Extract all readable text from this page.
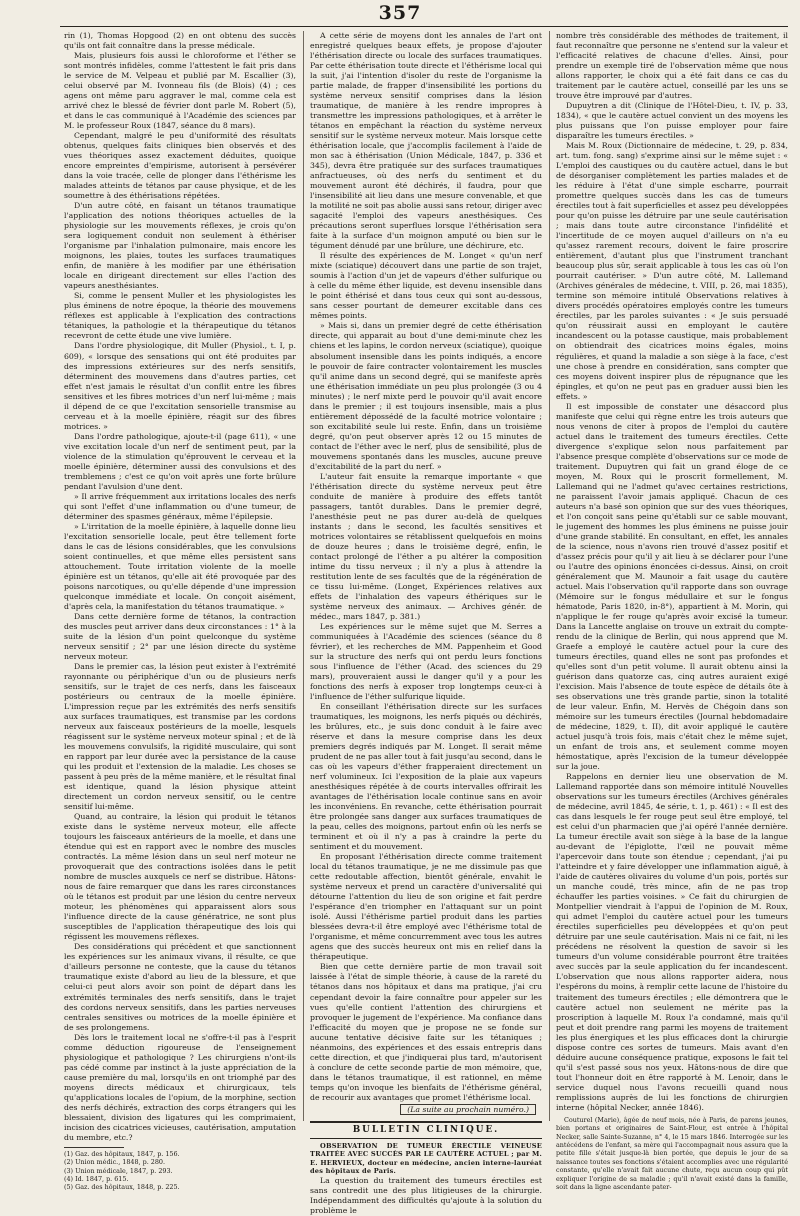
357

rin (1), Thomas Hopgood (2) en ont obtenu des succès qu'ils ont fait connaître dans la presse médicale.

Mais, plusieurs fois aussi le chloroforme et l'éther se sont montrés infidèles, comme l'attestent le fait pris dans le service de M. Velpeau et publié par M. Escallier (3), celui observé par M. Ivonneau fils (de Blois) (4) ; ces agens ont même paru aggraver le mal, comme cela est arrivé chez le blessé de février dont parle M. Robert (5), et dans le cas communiqué à l'Académie des sciences par M. le professeur Roux (1847, séance du 8 mars).

Cependant, malgré le peu d'uniformité des résultats obtenus, quelques faits cliniques bien observés et des vues théoriques assez exactement déduites, quoique encore empreintes d'empirisme, autorisent à persévérer dans la voie tracée, celle de plonger dans l'éthérisme les malades atteints de tétanos par cause physique, et de les soumettre à des éthérisations répétées.

D'un autre côté, en faisant un tétanos traumatique l'application des notions théoriques actuelles de la physiologie sur les mouvements réflexes, je crois qu'on sera logiquement conduit non seulement à éthériser l'organisme par l'inhalation pulmonaire, mais encore les moignons, les plaies, toutes les surfaces traumatiques enfin, de manière à les modifier par une éthérisation locale en dirigeant directement sur elles l'action des vapeurs anesthésiantes.

Si, comme le pensent Muller et les physiologistes les plus éminens de notre époque, la théorie des mouvemens réflexes est applicable à l'explication des contractions tétaniques, la pathologie et la thérapeutique du tétanos recevront de cette étude une vive lumière.

Dans l'ordre physiologique, dit Muller (Physiol., t. I, p. 609), « lorsque des sensations qui ont été produites par des impressions extérieures sur des nerfs sensitifs, déterminent des mouvemens dans d'autres parties, cet effet n'est jamais le résultat d'un conflit entre les fibres sensitives et les fibres motrices d'un nerf lui-même ; mais il dépend de ce que l'excitation sensorielle transmise au cerveau et à la moelle épinière, réagit sur des fibres motrices. »

Dans l'ordre pathologique, ajoute-t-il (page 611), « une vive excitation locale d'un nerf de sentiment peut, par la violence de la stimulation qu'éprouvent le cerveau et la moelle épinière, déterminer aussi des convulsions et des tremblemens ; c'est ce qu'on voit après une forte brûlure pendant l'avulsion d'une dent.

» Il arrive fréquemment aux irritations locales des nerfs qui sont l'effet d'une inflammation ou d'une tumeur, de déterminer des spasmes généraux, même l'épilepsie.

» L'irritation de la moelle épinière, à laquelle donne lieu l'excitation sensorielle locale, peut être tellement forte dans le cas de lésions considérables, que les convulsions soient continuelles, et que même elles persistent sans attouchement. Toute irritation violente de la moelle épinière est un tétanos, qu'elle ait été provoquée par des poisons narcotiques, ou qu'elle dépende d'une impression quelconque immédiate et locale. On conçoit aisément, d'après cela, la manifestation du tétanos traumatique. »

Dans cette dernière forme de tétanos, la contraction des muscles peut arriver dans deux circonstances : 1° à la suite de la lésion d'un point quelconque du système nerveux sensitif ; 2° par une lésion directe du système nerveux moteur.

Dans le premier cas, la lésion peut exister à l'extrémité rayonnante ou périphérique d'un ou de plusieurs nerfs sensitifs, sur le trajet de ces nerfs, dans les faisceaux postérieurs ou centraux de la moelle épinière. L'impression reçue par les extrémités des nerfs sensitifs aux surfaces traumatiques, est transmise par les cordons nerveux aux faisceaux postérieurs de la moelle, lesquels réagissent sur le système nerveux moteur spinal ; et de là les mouvemens convulsifs, la rigidité musculaire, qui sont en rapport par leur durée avec la persistance de la cause qui les produit et l'extension de la maladie. Les choses se passent à peu près de la même manière, et le résultat final est identique, quand la lésion physique atteint directement un cordon nerveux sensitif, ou le centre sensitif lui-même.

Quand, au contraire, la lésion qui produit le tétanos existe dans le système nerveux moteur, elle affecte toujours les faisceaux antérieurs de la moelle, et dans une étendue qui est en rapport avec le nombre des muscles contractés. La même lésion dans un seul nerf moteur ne provoquerait que des contractions isolées dans le petit nombre de muscles auxquels ce nerf se distribue. Hâtons-nous de faire remarquer que dans les rares circonstances où le tétanos est produit par une lésion du centre nerveux moteur, les phénomènes qui apparaissent alors sous l'influence directe de la cause génératrice, ne sont plus susceptibles de l'application thérapeutique des lois qui régissent les mouvemens réflexes.

Des considérations qui précèdent et que sanctionnent les expériences sur les animaux vivans, il résulte, ce que d'ailleurs personne ne conteste, que la cause du tétanos traumatique existe d'abord au lieu de la blessure, et que celui-ci peut alors avoir son point de départ dans les extrémités terminales des nerfs sensitifs, dans le trajet des cordons nerveux sensitifs, dans les parties nerveuses centrales sensitives ou motrices de la moelle épinière et de ses prolongemens.

Dès lors le traitement local ne s'offre-t-il pas à l'esprit comme déduction rigoureuse de l'enseignement physiologique et pathologique ? Les chirurgiens n'ont-ils pas cédé comme par instinct à la juste appréciation de la cause première du mal, lorsqu'ils en ont triomphé par des moyens directs médicaux et chirurgicaux, tels qu'applications locales de l'opium, de la morphine, section des nerfs déchirés, extraction des corps étrangers qui les blessaient, division des ligatures qui les comprimaient, incision des cicatrices vicieuses, cautérisation, amputation du membre, etc.?

(1) Gaz. des hôpitaux, 1847, p. 156.

(2) Union médic., 1848, p. 280.

(3) Union médicale, 1847, p. 293.

(4) Id. 1847, p. 615.

(5) Gaz. des hôpitaux, 1848, p. 225.

A cette série de moyens dont les annales de l'art ont enregistré quelques beaux effets, je propose d'ajouter l'éthérisation directe ou locale des surfaces traumatiques. Par cette éthérisation toute directe et l'éthérisme local qui la suit, j'ai l'intention d'isoler du reste de l'organisme la partie malade, de frapper d'insensibilité les portions du système nerveux sensitif comprises dans la lésion traumatique, de manière à les rendre impropres à transmettre les impressions pathologiques, et à arrêter le tétanos en empêchant la réaction du système nerveux sensitif sur le système nerveux moteur. Mais lorsque cette éthérisation locale, que j'accomplis facilement à l'aide de mon sac à éthérisation (Union Médicale, 1847, p. 336 et 345), devra être pratiquée sur des surfaces traumatiques anfractueuses, où des nerfs du sentiment et du mouvement auront été déchirés, il faudra, pour que l'insensibilité ait lieu dans une mesure convenable, et que la motilité ne soit pas abolie aussi sans retour, diriger avec sagacité l'emploi des vapeurs anesthésiques. Ces précautions seront superflues lorsque l'éthérisation sera faite à la surface d'un moignon amputé ou bien sur le tégument dénudé par une brûlure, une déchirure, etc.

Il résulte des expériences de M. Longet « qu'un nerf mixte (sciatique) découvert dans une partie de son trajet, soumis à l'action d'un jet de vapeurs d'éther sulfurique ou à celle du même éther liquide, est devenu insensible dans le point éthérisé et dans tous ceux qui sont au-dessous, sans cesser pourtant de demeurer excitable dans ces mêmes points.

» Mais si, dans un premier degré de cette éthérisation directe, qui apparait au bout d'une demi-minute chez les chiens et les lapins, le cordon nerveux (sciatique), quoique absolument insensible dans les points indiqués, a encore le pouvoir de faire contracter volontairement les muscles qu'il anime dans un second degré, qui se manifeste après une éthérisation immédiate un peu plus prolongée (3 ou 4 minutes) ; le nerf mixte perd le pouvoir qu'il avait encore dans le premier ; il est toujours insensible, mais a plus entièrement dépossédé de la faculté motrice volontaire ; son excitabilité seule lui reste. Enfin, dans un troisième degré, qu'on peut observer après 12 ou 15 minutes de contact de l'éther avec le nerf, plus de sensibilité, plus de mouvemens spontanés dans les muscles, aucune preuve d'excitabilité de la part du nerf. »

L'auteur fait ensuite la remarque importante « que l'éthérisation directe du système nerveux peut être conduite de manière à produire des effets tantôt passagers, tantôt durables. Dans le premier degré, l'anesthésie peut ne pas durer au-delà de quelques instants ; dans le second, les facultés sensitives et motrices volontaires se rétablissent quelquefois en moins de douze heures ; dans le troisième degré, enfin, le contact prolongé de l'éther a pu altérer la composition intime du tissu nerveux ; il n'y a plus à attendre la restitution lente de ses facultés que de la régénération de ce tissu lui-même. (Longet, Expériences relatives aux effets de l'inhalation des vapeurs éthériques sur le système nerveux des animaux. — Archives génér. de médec., mars 1847, p. 381.)

Les expériences sur le même sujet que M. Serres a communiquées à l'Académie des sciences (séance du 8 février), et les recherches de MM. Pappenheim et Good sur la structure des nerfs qui ont perdu leurs fonctions sous l'influence de l'éther (Acad. des sciences du 29 mars), prouveraient aussi le danger qu'il y a pour les fonctions des nerfs à exposer trop longtemps ceux-ci à l'influence de l'éther sulfurique liquide.

En conseillant l'éthérisation directe sur les surfaces traumatiques, les moignons, les nerfs piqués ou déchirés, les brûlures, etc., je suis donc conduit à le faire avec réserve et dans la mesure comprise dans les deux premiers degrés indiqués par M. Longet. Il serait même prudent de ne pas aller tout à fait jusqu'au second, dans le cas où les vapeurs d'éther frapperaient directement un nerf volumineux. Ici l'exposition de la plaie aux vapeurs anesthésiques répétée à de courts intervalles offrirait les avantages de l'éthérisation locale continue sans en avoir les inconvéniens. En revanche, cette éthérisation pourrait être prolongée sans danger aux surfaces traumatiques de la peau, celles des moignons, partout enfin où les nerfs se terminent et où il n'y a pas à craindre la perte du sentiment et du mouvement.

En proposant l'éthérisation directe comme traitement local du tétanos traumatique, je ne me dissimule pas que cette redoutable affection, bientôt générale, envahit le système nerveux et prend un caractère d'universalité qui détourne l'attention du lieu de son origine et fait perdre l'espérance d'en triompher en l'attaquant sur un point isolé. Aussi l'éthérisme partiel produit dans les parties blessées devra-t-il être employé avec l'éthérisme total de l'organisme, et même concurremment avec tous les autres agens que des succès heureux ont mis en relief dans la thérapeutique.

Bien que cette dernière partie de mon travail soit laissée à l'état de simple théorie, à cause de la rareté du tétanos dans nos hôpitaux et dans ma pratique, j'ai cru cependant devoir la faire connaître pour appeler sur les vues qu'elle contient l'attention des chirurgiens et provoquer le jugement de l'expérience. Ma confiance dans l'efficacité du moyen que je propose ne se fonde sur aucune tentative décisive faite sur les tétaniques ; néanmoins, des expériences et des essais entrepris dans cette direction, et que j'indiquerai plus tard, m'autorisent à conclure de cette seconde partie de mon mémoire, que, dans le tétanos traumatique, il est rationnel, en même temps qu'on invoque les bienfaits de l'éthérisme général, de recourir aux avantages que promet l'éthérisme local.

(La suite au prochain numéro.)
BULLETIN CLINIQUE.

OBSERVATION DE TUMEUR ÉRECTILE VEINEUSE TRAITÉE AVEC SUCCÈS PAR LE CAUTÈRE ACTUEL ; par M. E. HERVIEUX, docteur en médecine, ancien interne-lauréat des hôpitaux de Paris.

La question du traitement des tumeurs érectiles est sans contredit une des plus litigieuses de la chirurgie. Indépendamment des difficultés qu'ajoute à la solution du problème le

nombre très considérable des méthodes de traitement, il faut reconnaître que personne ne s'entend sur la valeur et l'efficacité relatives de chacune d'elles. Ainsi, pour prendre un exemple tiré de l'observation même que nous allons rapporter, le choix qui a été fait dans ce cas du traitement par le cautère actuel, conseillé par les uns se trouve être improuvé par d'autres.

Dupuytren a dit (Clinique de l'Hôtel-Dieu, t. IV, p. 33, 1834), « que le cautère actuel convient un des moyens les plus puissans que l'on puisse employer pour faire disparaître les tumeurs érectiles. »

Mais M. Roux (Dictionnaire de médecine, t. 29, p. 834, art. tum. fong. sang) s'exprime ainsi sur le même sujet : « L'emploi des caustiques ou du cautère actuel, dans le but de désorganiser complètement les parties malades et de les réduire à l'état d'une simple escharre, pourrait promettre quelques succès dans les cas de tumeurs érectiles tout à fait superficielles et assez peu développées pour qu'on puisse les détruire par une seule cautérisation ; mais dans toute autre circonstance l'infidélité et l'incertitude de ce moyen auquel d'ailleurs on n'a eu qu'assez rarement recours, doivent le faire proscrire entièrement, d'autant plus que l'instrument tranchant beaucoup plus sûr, serait applicable à tous les cas où l'on pourrait cautériser. » D'un autre côté, M. Lallemand (Archives générales de médecine, t. VIII, p. 26, mai 1835), termine son mémoire intitulé Observations relatives à divers procédés opératoires employés contre les tumeurs érectiles, par les paroles suivantes : « Je suis persuadé qu'on réussirait aussi en employant le cautère incandescent ou la potasse caustique, mais probablement on obtiendrait des cicatrices moins égales, moins régulières, et quand la maladie a son siège à la face, c'est une chose à prendre en considération, sans compter que ces moyens doivent inspirer plus de répugnance que les épingles, et qu'on ne peut pas en graduer aussi bien les effets. »

Il est impossible de constater une désaccord plus manifeste que celui qui règne entre les trois auteurs que nous venons de citer à propos de l'emploi du cautère actuel dans le traitement des tumeurs érectiles. Cette divergence s'explique selon nous parfaitement par l'absence presque complète d'observations sur ce mode de traitement. Dupuytren qui fait un grand éloge de ce moyen, M. Roux qui le proscrit formellement, M. Lallemand qui ne l'admet qu'avec certaines restrictions, ne paraissent l'avoir jamais appliqué. Chacun de ces auteurs n'a basé son opinion que sur des vues théoriques, et l'on conçoit sans peine qu'établi sur ce sable mouvant, le jugement des hommes les plus éminens ne puisse jouir d'une grande stabilité. En consultant, en effet, les annales de la science, nous n'avons rien trouvé d'assez positif et d'assez précis pour qu'il y ait lieu à se déclarer pour l'une ou l'autre des opinions énoncées ci-dessus. Ainsi, on croit généralement que M. Maunoir a fait usage du cautère actuel. Mais l'observation qu'il rapporte dans son ouvrage (Mémoire sur le fongus médullaire et sur le fongus hématode, Paris 1820, in-8°), appartient à M. Morin, qui n'applique le fer rouge qu'après avoir excisé la tumeur. Dans la Lancette anglaise on trouve un extrait du compte-rendu de la clinique de Berlin, qui nous apprend que M. Graefe a employé le cautère actuel pour la cure des tumeurs érectiles, quand elles ne sont pas profondes et qu'elles sont d'un petit volume. Il aurait obtenu ainsi la guérison dans quatorze cas, cinq autres auraient exigé l'excision. Mais l'absence de toute espèce de détails ôte à ses observations une très grande partie, sinon la totalité de leur valeur. Enfin, M. Hervès de Chégoin dans son mémoire sur les tumeurs érectiles (Journal hebdomadaire de médecine, 1829, t. II), dit avoir appliqué le cautère actuel jusqu'à trois fois, mais c'était chez le même sujet, un enfant de trois ans, et seulement comme moyen hémostatique, après l'excision de la tumeur développée sur la joue.

Rappelons en dernier lieu une observation de M. Lallemand rapportée dans son mémoire intitulé Nouvelles observations sur les tumeurs érectiles (Archives générales de médecine, avril 1845, 4e série, t. 1, p. 461) : « Il est des cas dans lesquels le fer rouge peut seul être employé, tel est celui d'un pharmacien que j'ai opéré l'année dernière. La tumeur érectile avait son siège à la base de la langue au-devant de l'épiglotte, l'œil ne pouvait même l'apercevoir dans toute son étendue ; cependant, j'ai pu l'atteindre et y faire développer une inflammation aiguë, à l'aide de cautères olivaires du volume d'un pois, portés sur un manche coudé, très mince, afin de ne pas trop échauffer les parties voisines. » Ce fait du chirurgien de Montpellier viendrait à l'appui de l'opinion de M. Roux, qui admet l'emploi du cautère actuel pour les tumeurs érectiles superficielles peu développées et qu'on peut détruire par une seule cautérisation. Mais ni ce fait, ni les précédens ne résolvent la question de savoir si les tumeurs d'un volume considérable pourront être traitées avec succès par la seule application du fer incandescent. L'observation que nous allons rapporter aidera, nous l'espérons du moins, à remplir cette lacune de l'histoire du traitement des tumeurs érectiles ; elle démontrera que le cautère actuel non seulement ne mérite pas la proscription à laquelle M. Roux l'a condamné, mais qu'il peut et doit prendre rang parmi les moyens de traitement les plus énergiques et les plus efficaces dont la chirurgie dispose contre ces sortes de tumeurs. Mais avant d'en déduire aucune conséquence pratique, exposons le fait tel qu'il s'est passé sous nos yeux. Hâtons-nous de dire que tout l'honneur doit en être rapporté à M. Lenoir, dans le service duquel nous l'avons recueilli quand nous remplissions auprès de lui les fonctions de chirurgien interne (hôpital Necker, année 1846).

Couturel (Marie), âgée de neuf mois, née à Paris, de parens jeunes, bien portans et originaires de Saint-Flour, est entrée à l'hôpital Necker, salle Sainte-Suzanne, n° 4, le 15 mars 1846. Interrogée sur les antécédens de l'enfant, sa mère qui l'accompagnait nous assura que la petite fille s'était jusque-là bien portée, que depuis le jour de sa naissance toutes ses fonctions s'étaient accomplies avec une régularité constante, qu'elle n'avait fait aucune chute, reçu aucun coup qui pût expliquer l'origine de sa maladie ; qu'il n'avait existé dans la famille, soit dans la ligne ascendante pater-
